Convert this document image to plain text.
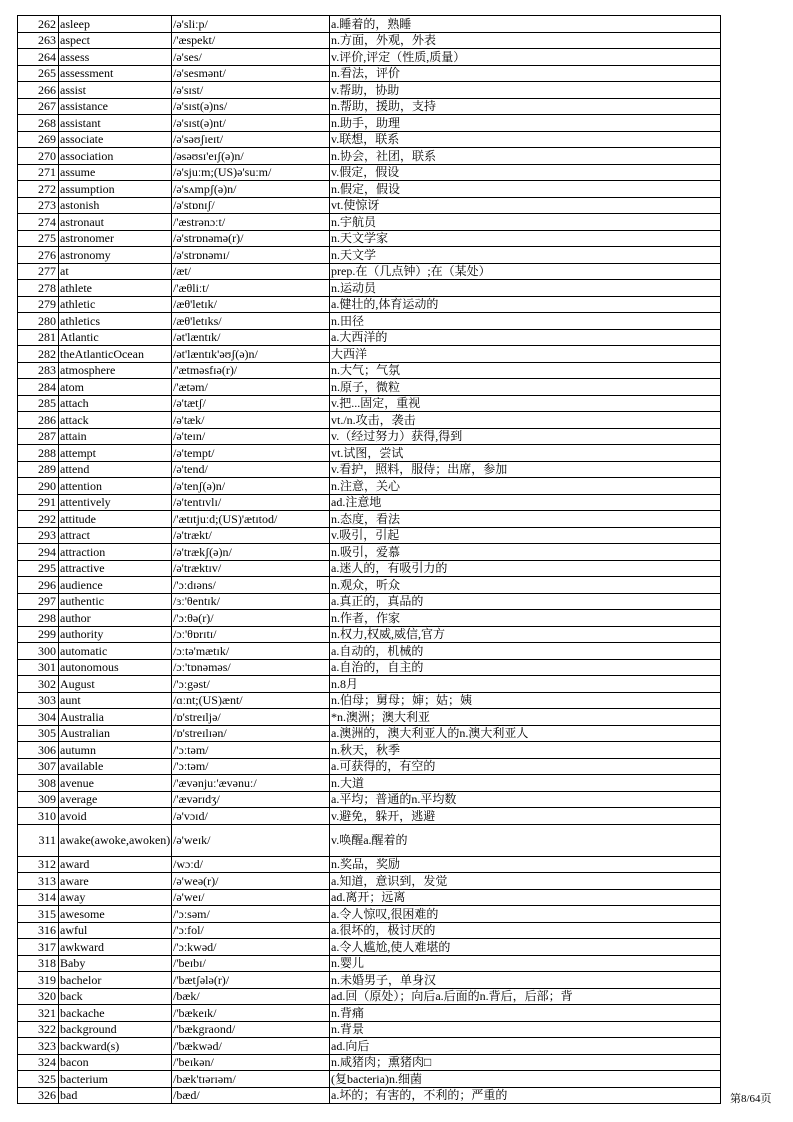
262	asleep	/ə'sliːp/	a.睡着的，熟睡
263	aspect	/'æspekt/	n.方面，外观，外表
264	assess	/ə'ses/	v.评价,评定（性质,质量）
265	assessment	/ə'sesmənt/	n.看法，评价
266	assist	/ə'sɪst/	v.帮助，协助
267	assistance	/ə'sɪst(ə)ns/	n.帮助，援助，支持
268	assistant	/ə'sɪst(ə)nt/	n.助手，助理
269	associate	/ə'səʊʃɪeɪt/	v.联想，联系
270	association	/əsəʊsɪ'eɪʃ(ə)n/	n.协会，社团，联系
271	assume	/ə'sjuːm;(US)ə'suːm/	v.假定，假设
272	assumption	/ə'sʌmpʃ(ə)n/	n.假定，假设
273	astonish	/ə'stɒnɪʃ/	vt.使惊讶
274	astronaut	/'æstrənɔːt/	n.宇航员
275	astronomer	/ə'strɒnəmə(r)/	n.天文学家
276	astronomy	/ə'strɒnəmɪ/	n.天文学
277	at	/æt/	prep.在（几点钟）;在（某处）
278	athlete	/'æθliːt/	n.运动员
279	athletic	/æθ'letɪk/	a.健壮的,体育运动的
280	athletics	/æθ'letɪks/	n.田径
281	Atlantic	/ət'læntɪk/	a.大西洋的
282	theAtlanticOcean	/ət'læntɪk'əʊʃ(ə)n/	大西洋
283	atmosphere	/'ætməsfɪə(r)/	n.大气；气氛
284	atom	/'ætəm/	n.原子，微粒
285	attach	/ə'tætʃ/	v.把...固定，重视
286	attack	/ə'tæk/	vt./n.攻击，袭击
287	attain	/ə'teɪn/	v.（经过努力）获得,得到
288	attempt	/ə'tempt/	vt.试图，尝试
289	attend	/ə'tend/	v.看护，照料，服侍；出席，参加
290	attention	/ə'tenʃ(ə)n/	n.注意，关心
291	attentively	/ə'tentɪvlɪ/	ad.注意地
292	attitude	/'ætɪtjuːd;(US)'ætɪtod/	n.态度，看法
293	attract	/ə'trækt/	v.吸引，引起
294	attraction	/ə'trækʃ(ə)n/	n.吸引，爱慕
295	attractive	/ə'træktɪv/	a.迷人的，有吸引力的
296	audience	/'ɔːdɪəns/	n.观众，听众
297	authentic	/ɜː'θentɪk/	a.真正的，真品的
298	author	/'ɔːθə(r)/	n.作者，作家
299	authority	/ɔː'θɒrɪtɪ/	n.权力,权威,威信,官方
300	automatic	/ɔːtə'mætɪk/	a.自动的，机械的
301	autonomous	/ɔː'tɒnəməs/	a.自治的，自主的
302	August	/'ɔːgəst/	n.8月
303	aunt	/ɑːnt;(US)ænt/	n.伯母；舅母；婶；姑；姨
304	Australia	/ɒ'streɪljə/	*n.澳洲；澳大利亚
305	Australian	/ɒ'streɪlɪən/	a.澳洲的，澳大利亚人的n.澳大利亚人
306	autumn	/'ɔːtəm/	n.秋天，秋季
307	available	/'ɔːtəm/	a.可获得的，有空的
308	avenue	/'ævənjuː'ævənuː/	n.大道
309	average	/'ævərɪdʒ/	a.平均；普通的n.平均数
310	avoid	/ə'vɔɪd/	v.避免，躲开，逃避
311	awake(awoke,awoken)	/ə'weɪk/	v.唤醒a.醒着的
312	award	/wɔːd/	n.奖品，奖励
313	aware	/ə'weə(r)/	a.知道，意识到，发觉
314	away	/ə'weɪ/	ad.离开；远离
315	awesome	/'ɔːsəm/	a.令人惊叹,很困难的
316	awful	/'ɔːfol/	a.很坏的，极讨厌的
317	awkward	/'ɔːkwəd/	a.令人尴尬,使人难堪的
318	Baby	/'beɪbɪ/	n.婴儿
319	bachelor	/'bætʃələ(r)/	n.未婚男子，单身汉
320	back	/bæk/	ad.回（原处）；向后a.后面的n.背后，后部；背
321	backache	/'bækeɪk/	n.背痛
322	background	/'bækgraond/	n.背景
323	backward(s)	/'bækwəd/	ad.向后
324	bacon	/'beɪkən/	n.咸猪肉；熏猪肉□
325	bacterium	/bæk'tɪərɪəm/	(复bacteria)n.细菌
326	bad	/bæd/	a.坏的；有害的，不利的；严重的	第8/64页
